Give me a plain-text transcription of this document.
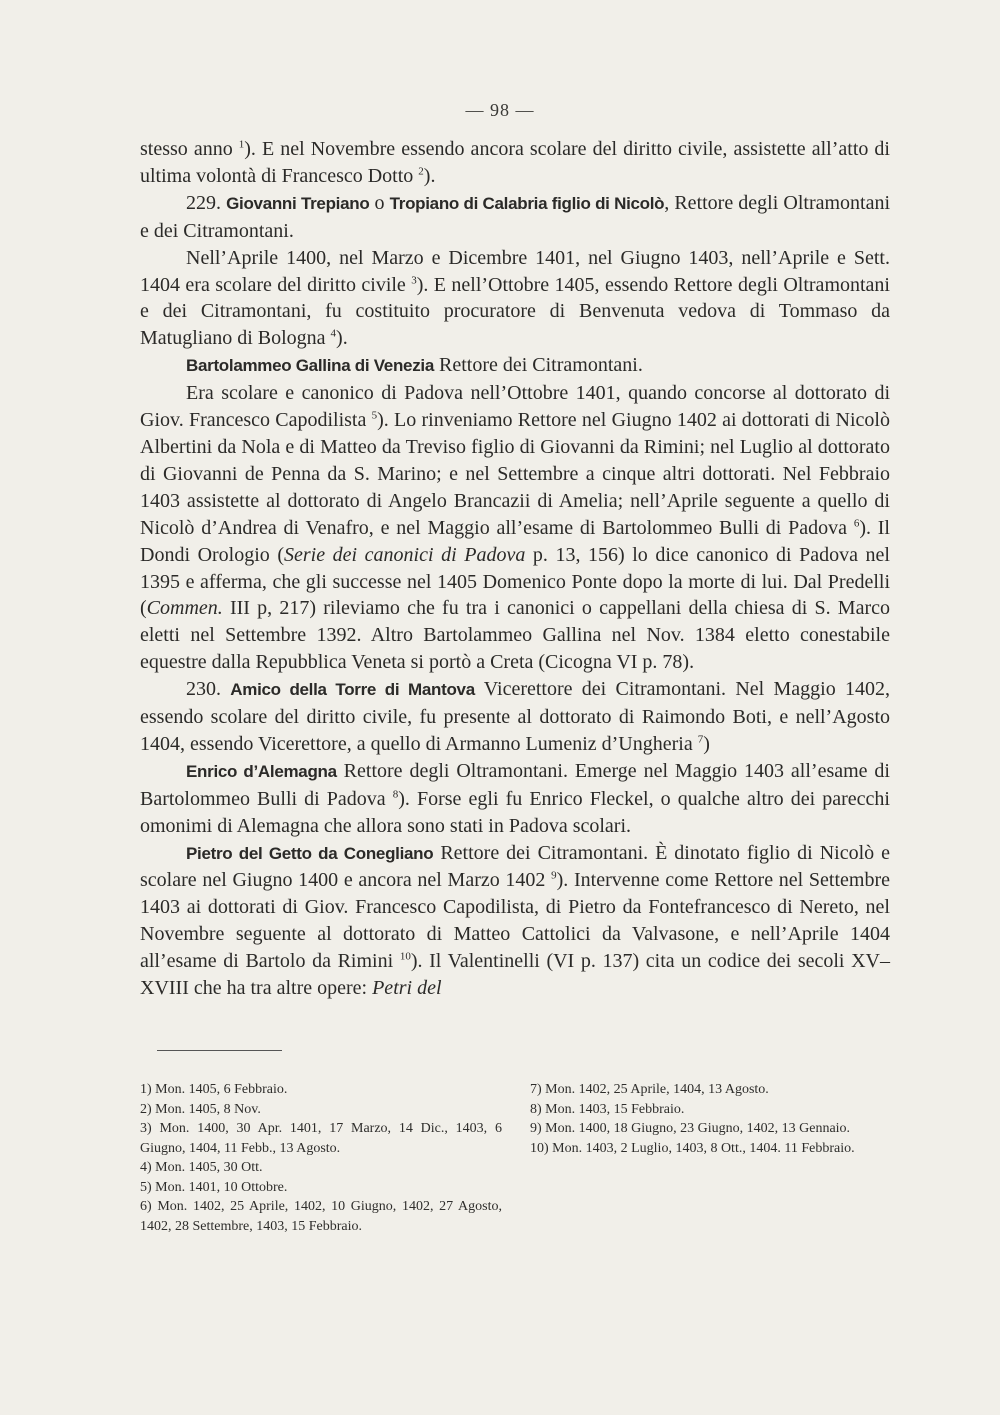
— 98 —

stesso anno $^1$). E nel Novembre essendo ancora scolare del diritto civile, assistette all’atto di ultima volontà di Francesco Dotto $^2$).

229. Giovanni Trepiano o Tropiano di Calabria figlio di Nicolò, Rettore degli Oltramontani e dei Citramontani.

Nell’Aprile 1400, nel Marzo e Dicembre 1401, nel Giugno 1403, nell’Aprile e Sett. 1404 era scolare del diritto civile $^3$). E nell’Ottobre 1405, essendo Rettore degli Oltramontani e dei Citramontani, fu costituito procuratore di Benvenuta vedova di Tommaso da Matugliano di Bologna $^4$).

Bartolammeo Gallina di Venezia Rettore dei Citramontani.

Era scolare e canonico di Padova nell’Ottobre 1401, quando concorse al dottorato di Giov. Francesco Capodilista $^5$). Lo rinveniamo Rettore nel Giugno 1402 ai dottorati di Nicolò Albertini da Nola e di Matteo da Treviso figlio di Giovanni da Rimini; nel Luglio al dottorato di Giovanni de Penna da S. Marino; e nel Settembre a cinque altri dottorati. Nel Febbraio 1403 assistette al dottorato di Angelo Brancazii di Amelia; nell’Aprile seguente a quello di Nicolò d’Andrea di Venafro, e nel Maggio all’esame di Bartolommeo Bulli di Padova $^6$). Il Dondi Orologio (Serie dei canonici di Padova p. 13, 156) lo dice canonico di Padova nel 1395 e afferma, che gli successe nel 1405 Domenico Ponte dopo la morte di lui. Dal Predelli (Commen. III p, 217) rileviamo che fu tra i canonici o cappellani della chiesa di S. Marco eletti nel Settembre 1392. Altro Bartolammeo Gallina nel Nov. 1384 eletto conestabile equestre dalla Repubblica Veneta si portò a Creta (Cicogna VI p. 78).

230. Amico della Torre di Mantova Vicerettore dei Citramontani. Nel Maggio 1402, essendo scolare del diritto civile, fu presente al dottorato di Raimondo Boti, e nell’Agosto 1404, essendo Vicerettore, a quello di Armanno Lumeniz d’Ungheria $^7$)

Enrico d’Alemagna Rettore degli Oltramontani. Emerge nel Maggio 1403 all’esame di Bartolommeo Bulli di Padova $^8$). Forse egli fu Enrico Fleckel, o qualche altro dei parecchi omonimi di Alemagna che allora sono stati in Padova scolari.

Pietro del Getto da Conegliano Rettore dei Citramontani. È dinotato figlio di Nicolò e scolare nel Giugno 1400 e ancora nel Marzo 1402 $^9$). Intervenne come Rettore nel Settembre 1403 ai dottorati di Giov. Francesco Capodilista, di Pietro da Fontefrancesco di Nereto, nel Novembre seguente al dottorato di Matteo Cattolici da Valvasone, e nell’Aprile 1404 all’esame di Bartolo da Rimini $^{10}$). Il Valentinelli (VI p. 137) cita un codice dei secoli XV–XVIII che ha tra altre opere: Petri del

1) Mon. 1405, 6 Febbraio.

2) Mon. 1405, 8 Nov.

3) Mon. 1400, 30 Apr. 1401, 17 Marzo, 14 Dic., 1403, 6 Giugno, 1404, 11 Febb., 13 Agosto.

4) Mon. 1405, 30 Ott.

5) Mon. 1401, 10 Ottobre.

6) Mon. 1402, 25 Aprile, 1402, 10 Giugno, 1402, 27 Agosto, 1402, 28 Settembre, 1403, 15 Febbraio.

7) Mon. 1402, 25 Aprile, 1404, 13 Agosto.

8) Mon. 1403, 15 Febbraio.

9) Mon. 1400, 18 Giugno, 23 Giugno, 1402, 13 Gennaio.

10) Mon. 1403, 2 Luglio, 1403, 8 Ott., 1404. 11 Febbraio.
